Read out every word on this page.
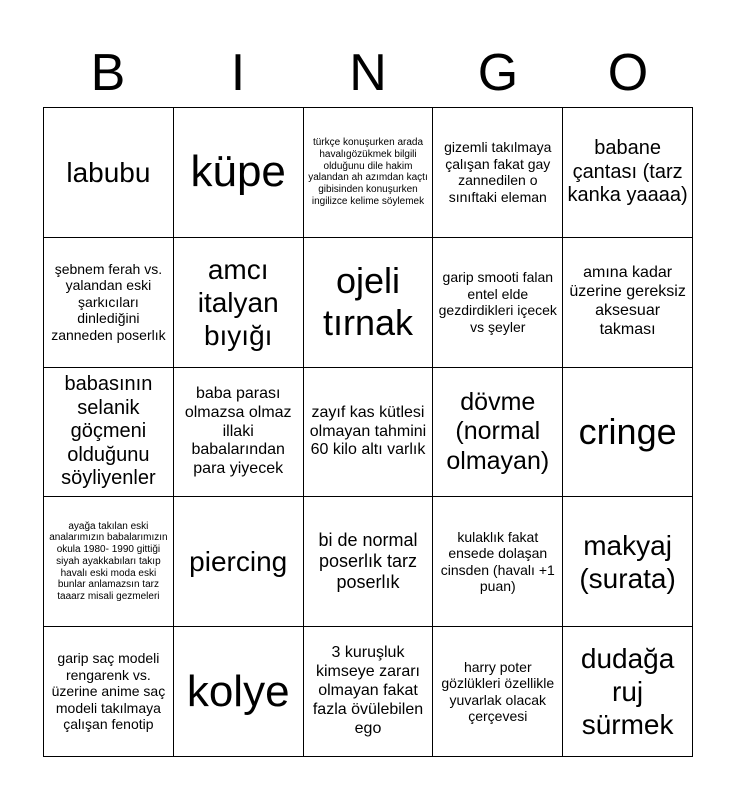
B	I	N	G	O
labubu küpe
türkçe konuşurken arada havalıgözükmek bilgili olduğunu dile hakim yalandan ah azımdan kaçtı gibisinden konuşurken ingilizce kelime söylemek
gizemli takılmaya çalışan fakat gay zannedilen o sınıftaki eleman
babane çantası (tarz kanka yaaaa)
şebnem ferah vs. yalandan eski şarkıcıları dinlediğini zanneden poserlık
amcı italyan bıyığı
ojeli tırnak
garip smooti falan entel elde gezdirdikleri içecek vs şeyler
amına kadar üzerine gereksiz aksesuar takması
babasının selanik göçmeni olduğunu söyliyenler
baba parası olmazsa olmaz illaki babalarından para yiyecek
zayıf kas kütlesi olmayan tahmini 60 kilo altı varlık
dövme (normal olmayan)
cringe
ayağa takılan eski analarımızın babalarımızın okula 1980- 1990 gittiği siyah ayakkabıları takıp havalı eski moda eski bunlar anlamazsın tarz taaarz misali gezmeleri
piercing
bi de normal poserlık tarz poserlık
kulaklık fakat ensede dolaşan cinsden (havalı +1 puan)
makyaj (surata)
garip saç modeli rengarenk vs. üzerine anime saç modeli takılmaya çalışan fenotip
kolye
3 kuruşluk kimseye zararı olmayan fakat fazla övülebilen ego
harry poter gözlükleri özellikle yuvarlak olacak çerçevesi
dudağa ruj sürmek
